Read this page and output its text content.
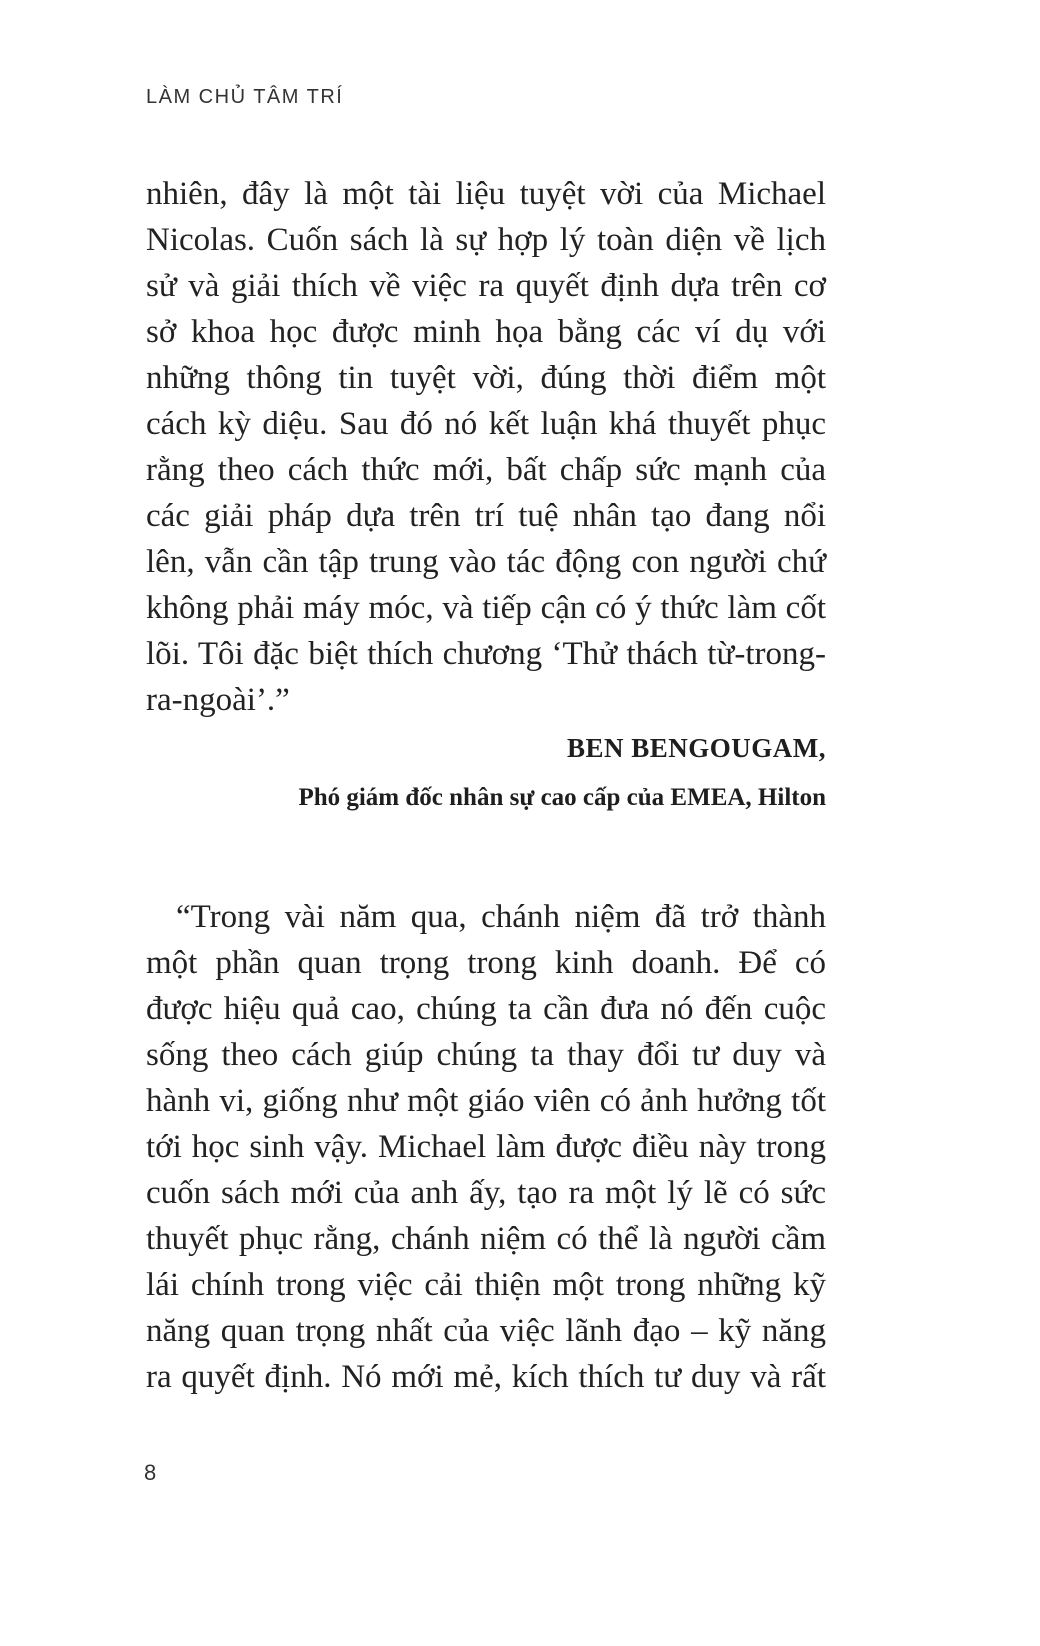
LÀM CHỦ TÂM TRÍ
nhiên, đây là một tài liệu tuyệt vời của Michael
Nicolas. Cuốn sách là sự hợp lý toàn diện về lịch
sử và giải thích về việc ra quyết định dựa trên cơ
sở khoa học được minh họa bằng các ví dụ với
những thông tin tuyệt vời, đúng thời điểm một
cách kỳ diệu. Sau đó nó kết luận khá thuyết phục
rằng theo cách thức mới, bất chấp sức mạnh của
các giải pháp dựa trên trí tuệ nhân tạo đang nổi
lên, vẫn cần tập trung vào tác động con người chứ
không phải máy móc, và tiếp cận có ý thức làm cốt
lõi. Tôi đặc biệt thích chương ‘Thử thách từ-trong-
ra-ngoài’.”
BEN BENGOUGAM,
Phó giám đốc nhân sự cao cấp của EMEA, Hilton
“Trong vài năm qua, chánh niệm đã trở thành
một phần quan trọng trong kinh doanh. Để có
được hiệu quả cao, chúng ta cần đưa nó đến cuộc
sống theo cách giúp chúng ta thay đổi tư duy và
hành vi, giống như một giáo viên có ảnh hưởng tốt
tới học sinh vậy. Michael làm được điều này trong
cuốn sách mới của anh ấy, tạo ra một lý lẽ có sức
thuyết phục rằng, chánh niệm có thể là người cầm
lái chính trong việc cải thiện một trong những kỹ
năng quan trọng nhất của việc lãnh đạo – kỹ năng
ra quyết định. Nó mới mẻ, kích thích tư duy và rất
8
